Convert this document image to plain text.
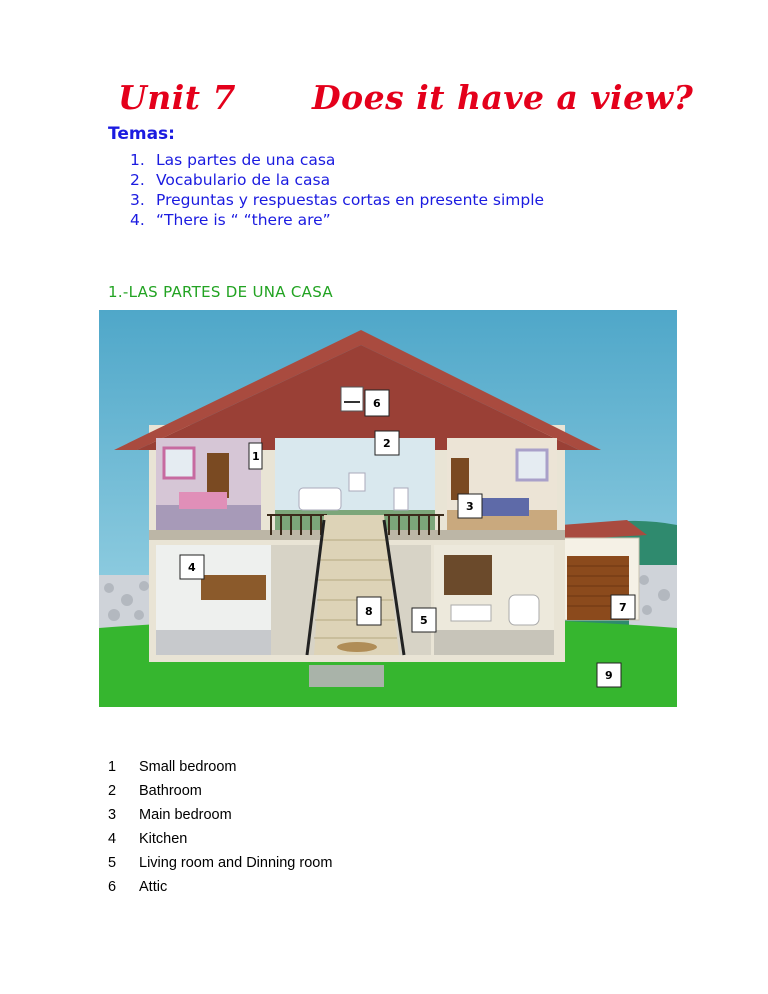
Unit 7 Does it have a view?
Temas:
1. Las partes de una casa
2. Vocabulario de la casa
3. Preguntas y respuestas cortas en presente simple
4. “There is “ “there are”
1.-LAS PARTES DE UNA CASA
1
2
3
4
5
6
7
8
9
1	Small bedroom
2	Bathroom
3	Main bedroom
4	Kitchen
5	Living room and Dinning room
6	Attic
